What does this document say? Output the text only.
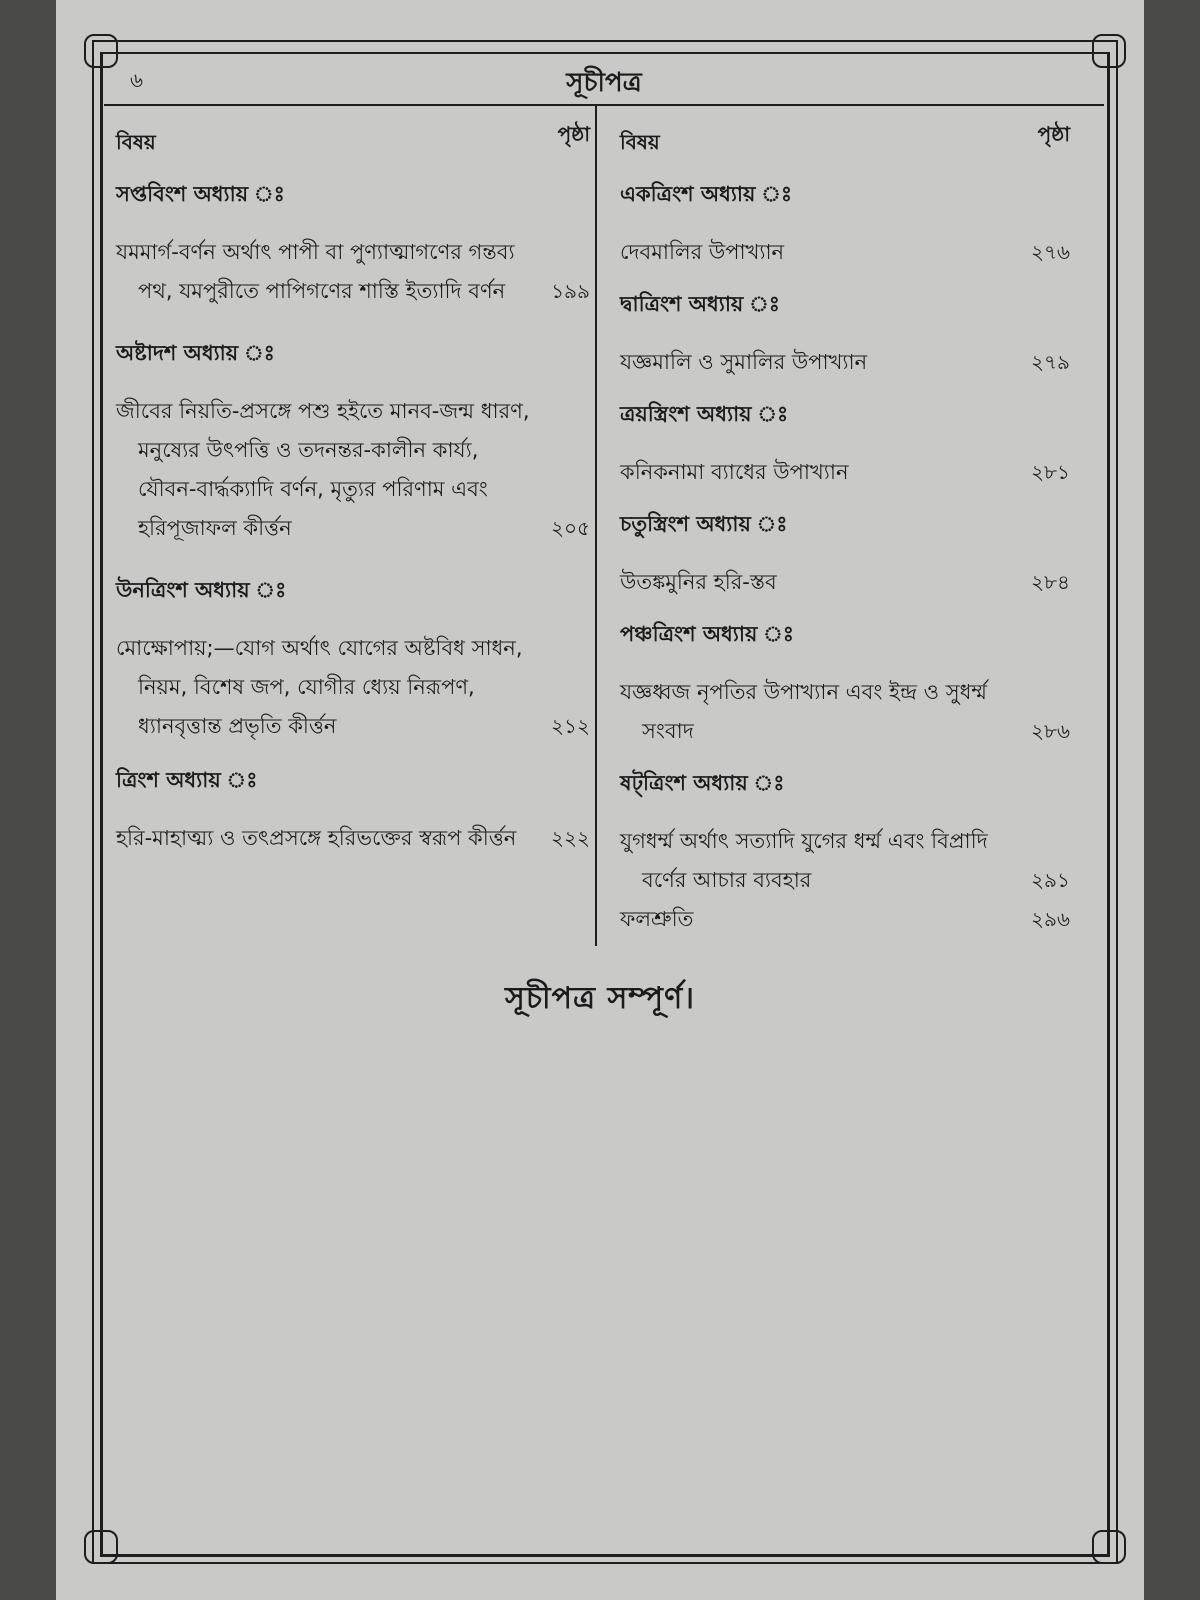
৬	সূচীপত্র
বিষয়	পৃষ্ঠা
সপ্তবিংশ অধ্যায় ঃ
যমমার্গ-বর্ণন অর্থাৎ পাপী বা পুণ্যাত্মাগণের গন্তব্য পথ, যমপুরীতে পাপিগণের শাস্তি ইত্যাদি বর্ণন	১৯৯
অষ্টাদশ অধ্যায় ঃ
জীবের নিয়তি-প্রসঙ্গে পশু হইতে মানব-জন্ম ধারণ, মনুষ্যের উৎপত্তি ও তদনন্তর-কালীন কার্য্য, যৌবন-বার্দ্ধক্যাদি বর্ণন, মৃত্যুর পরিণাম এবং হরিপূজাফল কীর্ত্তন	২০৫
উনত্রিংশ অধ্যায় ঃ
মোক্ষোপায়;—যোগ অর্থাৎ যোগের অষ্টবিধ সাধন, নিয়ম, বিশেষ জপ, যোগীর ধ্যেয় নিরূপণ, ধ্যানবৃত্তান্ত প্রভৃতি কীর্ত্তন	২১২
ত্রিংশ অধ্যায় ঃ
হরি-মাহাত্ম্য ও তৎপ্রসঙ্গে হরিভক্তের স্বরূপ কীর্ত্তন	২২২
বিষয়	পৃষ্ঠা
একত্রিংশ অধ্যায় ঃ
দেবমালির উপাখ্যান	২৭৬
দ্বাত্রিংশ অধ্যায় ঃ
যজ্ঞমালি ও সুমালির উপাখ্যান	২৭৯
ত্রয়স্ত্রিংশ অধ্যায় ঃ
কনিকনামা ব্যাধের উপাখ্যান	২৮১
চতুস্ত্রিংশ অধ্যায় ঃ
উতঙ্কমুনির হরি-স্তব	২৮৪
পঞ্চত্রিংশ অধ্যায় ঃ
যজ্ঞধ্বজ নৃপতির উপাখ্যান এবং ইন্দ্র ও সুধর্ম্ম সংবাদ	২৮৬
ষট্‌ত্রিংশ অধ্যায় ঃ
যুগধর্ম্ম অর্থাৎ সত্যাদি যুগের ধর্ম্ম এবং বিপ্রাদি বর্ণের আচার ব্যবহার	২৯১
ফলশ্রুতি	২৯৬
সূচীপত্র সম্পূর্ণ।
